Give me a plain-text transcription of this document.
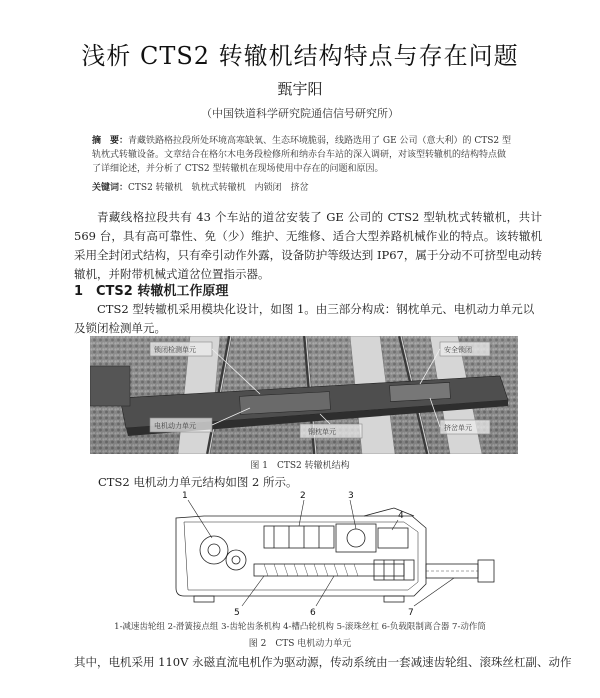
浅析 CTS2 转辙机结构特点与存在问题
甄宇阳
（中国铁道科学研究院通信信号研究所）
摘　要：青藏铁路格拉段所处环境高寒缺氧、生态环境脆弱，线路选用了 GE 公司（意大利）的 CTS2 型轨枕式转辙设备。文章结合在格尔木电务段检修所和纳赤台车站的深入调研，对该型转辙机的结构特点做了详细论述，并分析了 CTS2 型转辙机在现场使用中存在的问题和原因。
关键词：CTS2 转辙机　轨枕式转辙机　内锁闭　挤岔
青藏线格拉段共有 43 个车站的道岔安装了 GE 公司的 CTS2 型轨枕式转辙机，共计 569 台，具有高可靠性、免（少）维护、无维修、适合大型养路机械作业的特点。该转辙机采用全封闭式结构，只有牵引动作外露，设备防护等级达到 IP67，属于分动不可挤型电动转辙机，并附带机械式道岔位置指示器。
1 CTS2 转辙机工作原理
CTS2 型转辙机采用模块化设计，如图 1。由三部分构成：钢枕单元、电机动力单元以及锁闭检测单元。
锁闭检测单元
电机动力单元
钢枕单元
安全锁闭
挤岔单元
图 1　CTS2 转辙机结构
CTS2 电机动力单元结构如图 2 所示。
1	2	3
4
5	6	7
1-减速齿轮组 2-滑簧接点组 3-齿轮齿条机构 4-槽凸轮机构 5-滚珠丝杠 6-负载限制离合器 7-动作筒
图 2　CTS 电机动力单元
其中，电机采用 110V 永磁直流电机作为驱动源，传动系统由一套减速齿轮组、滚珠丝杠副、动作
